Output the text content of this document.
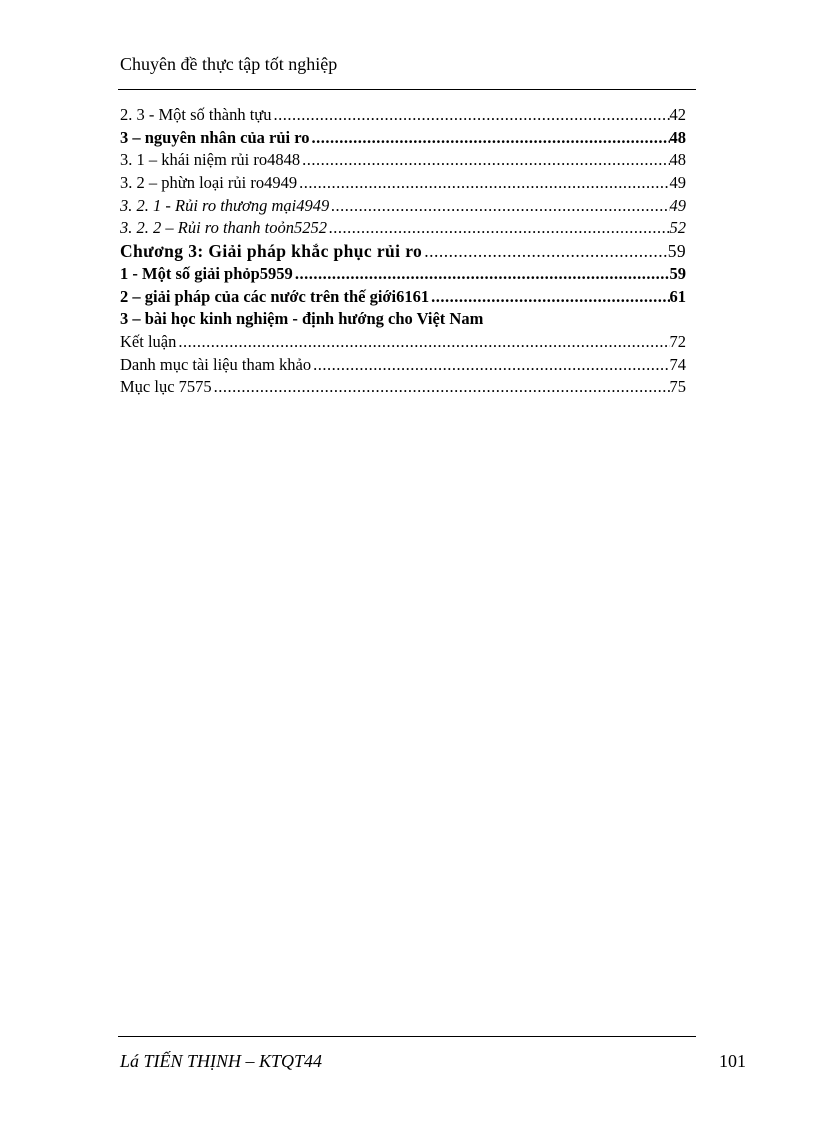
Chuyên đề thực tập tốt nghiệp
2. 3 - Một số thành tựu .....	42
3 – nguyên nhân của rủi ro .....	48
3. 1 – khái niệm rủi ro4848 .....	48
3. 2 – phừn loại rủi ro4949 .....	49
3. 2. 1 - Rủi ro thương mại4949 .....	49
3. 2. 2 – Rủi ro thanh toỏn5252 .....	52
Chương 3: Giải pháp khắc phục rủi ro .....	59
1 - Một số giải phỏp5959 .....	59
2 – giải pháp của các nước trên thế giới6161 .....	61
3 – bài học kinh nghiệm - định hướng cho Việt Nam
Kết luận .....	72
Danh mục tài liệu tham khảo .....	74
Mục lục 7575 .....	75
Lá TIẾN THỊNH – KTQT44	101
